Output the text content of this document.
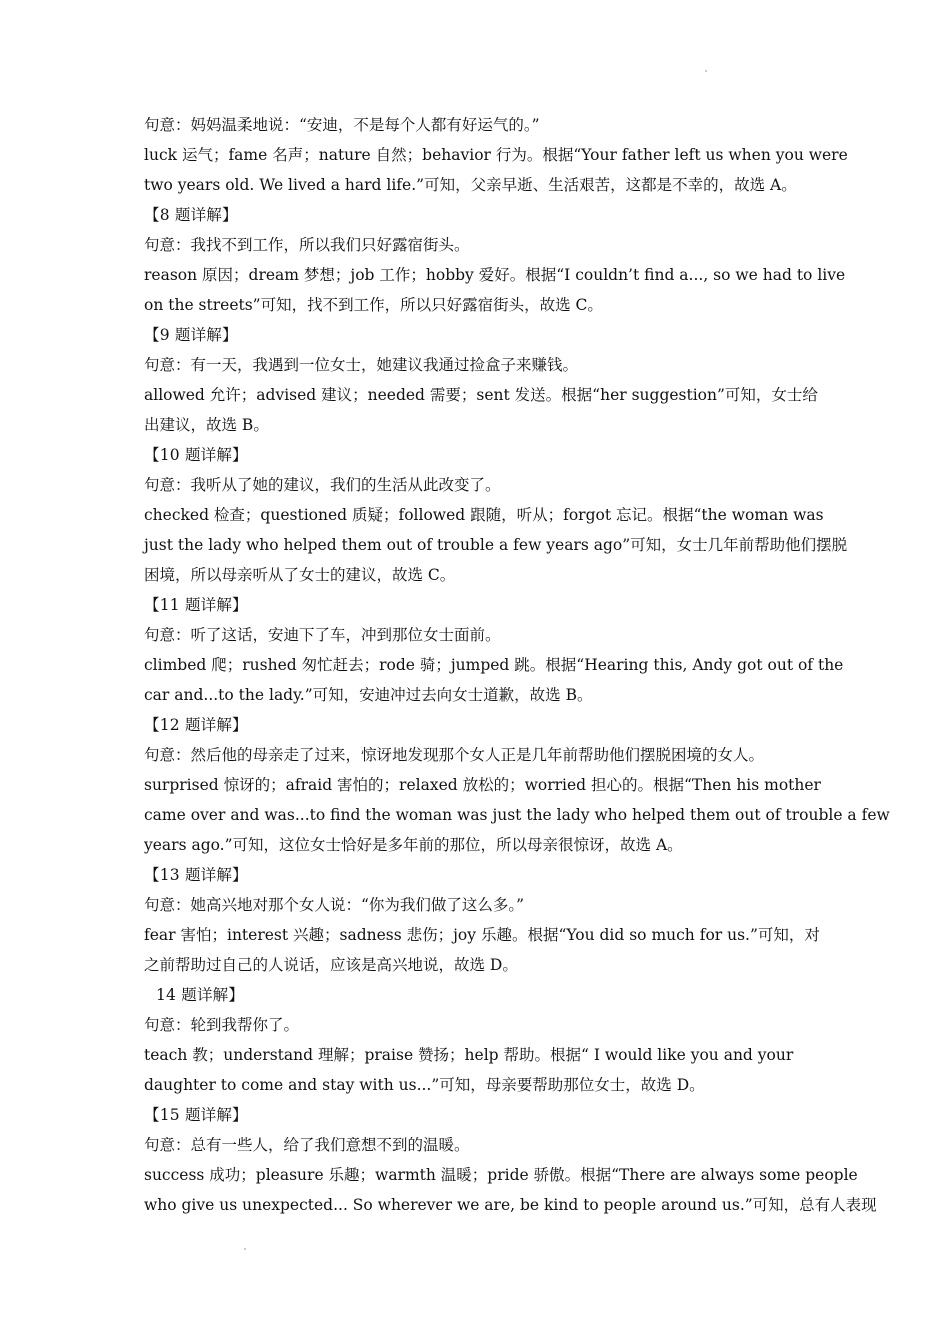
句意：妈妈温柔地说：“安迪，不是每个人都有好运气的。”
luck 运气；fame 名声；nature 自然；behavior 行为。根据“Your father left us when you were
two years old. We lived a hard life.”可知，父亲早逝、生活艰苦，这都是不幸的，故选 A。
【8 题详解】
句意：我找不到工作，所以我们只好露宿街头。
reason 原因；dream 梦想；job 工作；hobby 爱好。根据“I couldn’t find a..., so we had to live
on the streets”可知，找不到工作，所以只好露宿街头，故选 C。
【9 题详解】
句意：有一天，我遇到一位女士，她建议我通过捡盒子来赚钱。
allowed 允许；advised 建议；needed 需要；sent 发送。根据“her suggestion”可知，女士给
出建议，故选 B。
【10 题详解】
句意：我听从了她的建议，我们的生活从此改变了。
checked 检查；questioned 质疑；followed 跟随，听从；forgot 忘记。根据“the woman was
just the lady who helped them out of trouble a few years ago”可知，女士几年前帮助他们摆脱
困境，所以母亲听从了女士的建议，故选 C。
【11 题详解】
句意：听了这话，安迪下了车，冲到那位女士面前。
climbed 爬；rushed 匆忙赶去；rode 骑；jumped 跳。根据“Hearing this, Andy got out of the
car and...to the lady.”可知，安迪冲过去向女士道歉，故选 B。
【12 题详解】
句意：然后他的母亲走了过来，惊讶地发现那个女人正是几年前帮助他们摆脱困境的女人。
surprised 惊讶的；afraid 害怕的；relaxed 放松的；worried 担心的。根据“Then his mother
came over and was...to find the woman was just the lady who helped them out of trouble a few
years ago.”可知，这位女士恰好是多年前的那位，所以母亲很惊讶，故选 A。
【13 题详解】
句意：她高兴地对那个女人说：“你为我们做了这么多。”
fear 害怕；interest 兴趣；sadness 悲伤；joy 乐趣。根据“You did so much for us.”可知，对
之前帮助过自己的人说话，应该是高兴地说，故选 D。
14 题详解】
句意：轮到我帮你了。
teach 教；understand 理解；praise 赞扬；help 帮助。根据“ I would like you and your
daughter to come and stay with us...”可知，母亲要帮助那位女士，故选 D。
【15 题详解】
句意：总有一些人，给了我们意想不到的温暖。
success 成功；pleasure 乐趣；warmth 温暖；pride 骄傲。根据“There are always some people
who give us unexpected... So wherever we are, be kind to people around us.”可知，总有人表现
